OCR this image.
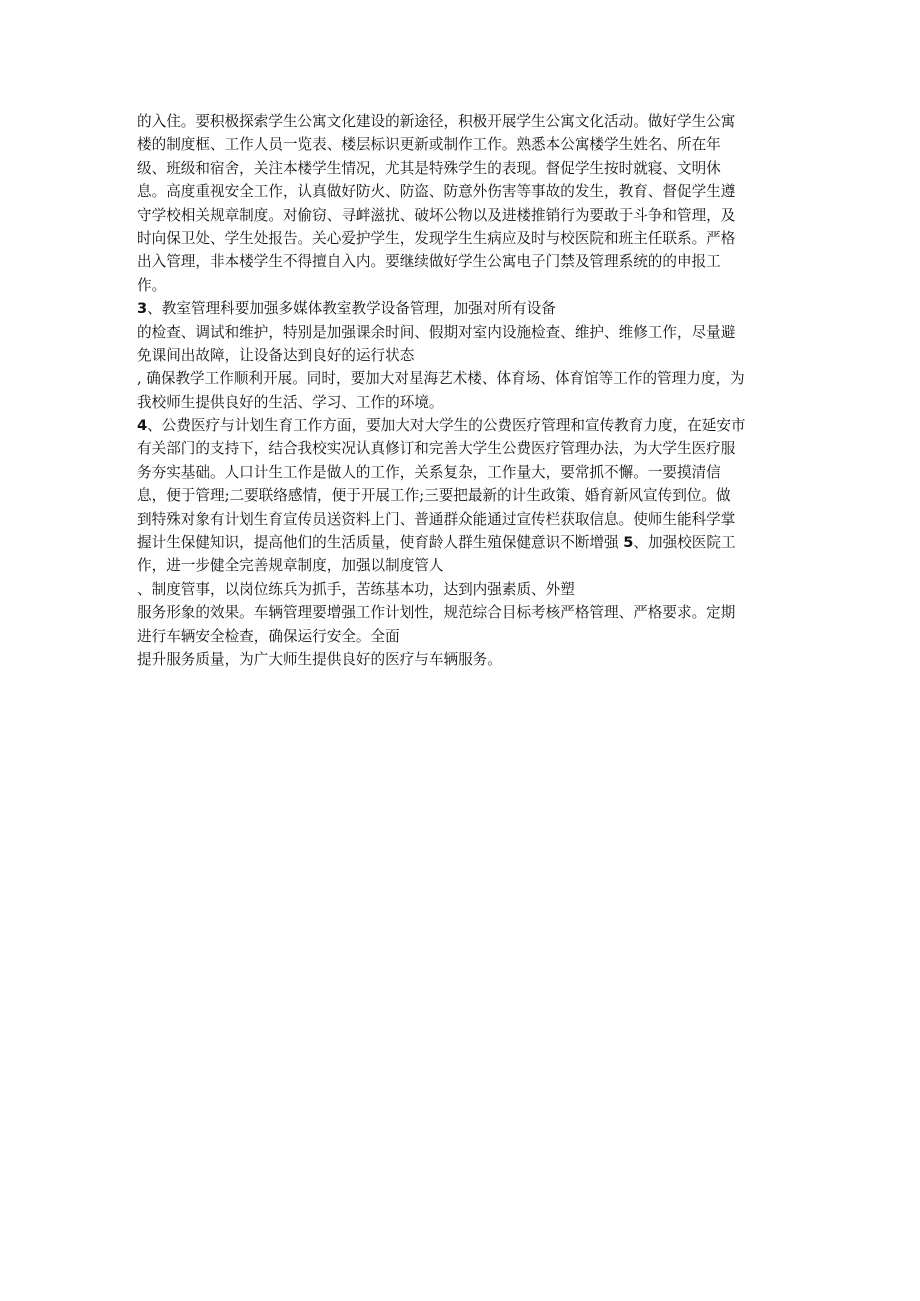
的入住。要积极探索学生公寓文化建设的新途径，积极开展学生公寓文化活动。做好学生公寓
楼的制度框、工作人员一览表、楼层标识更新或制作工作。熟悉本公寓楼学生姓名、所在年
级、班级和宿舍，关注本楼学生情况，尤其是特殊学生的表现。督促学生按时就寝、文明休
息。高度重视安全工作，认真做好防火、防盗、防意外伤害等事故的发生，教育、督促学生遵
守学校相关规章制度。对偷窃、寻衅滋扰、破坏公物以及进楼推销行为要敢于斗争和管理，及
时向保卫处、学生处报告。关心爱护学生，发现学生生病应及时与校医院和班主任联系。严格
出入管理，非本楼学生不得擅自入内。要继续做好学生公寓电子门禁及管理系统的的申报工
作。
3、教室管理科要加强多媒体教室教学设备管理，加强对所有设备
的检查、调试和维护，特别是加强课余时间、假期对室内设施检查、维护、维修工作，尽量避
免课间出故障，让设备达到良好的运行状态
, 确保教学工作顺利开展。同时，要加大对星海艺术楼、体育场、体育馆等工作的管理力度，为
我校师生提供良好的生活、学习、工作的环境。
4、公费医疗与计划生育工作方面，要加大对大学生的公费医疗管理和宣传教育力度，在延安市
有关部门的支持下，结合我校实况认真修订和完善大学生公费医疗管理办法，为大学生医疗服
务夯实基础。人口计生工作是做人的工作，关系复杂，工作量大，要常抓不懈。一要摸清信
息，便于管理;二要联络感情，便于开展工作;三要把最新的计生政策、婚育新风宣传到位。做
到特殊对象有计划生育宣传员送资料上门、普通群众能通过宣传栏获取信息。使师生能科学掌
握计生保健知识，提高他们的生活质量，使育龄人群生殖保健意识不断增强 5、加强校医院工
作，进一步健全完善规章制度，加强以制度管人
、制度管事，以岗位练兵为抓手，苦练基本功，达到内强素质、外塑
服务形象的效果。车辆管理要增强工作计划性，规范综合目标考核严格管理、严格要求。定期
进行车辆安全检查，确保运行安全。全面
提升服务质量，为广大师生提供良好的医疗与车辆服务。
